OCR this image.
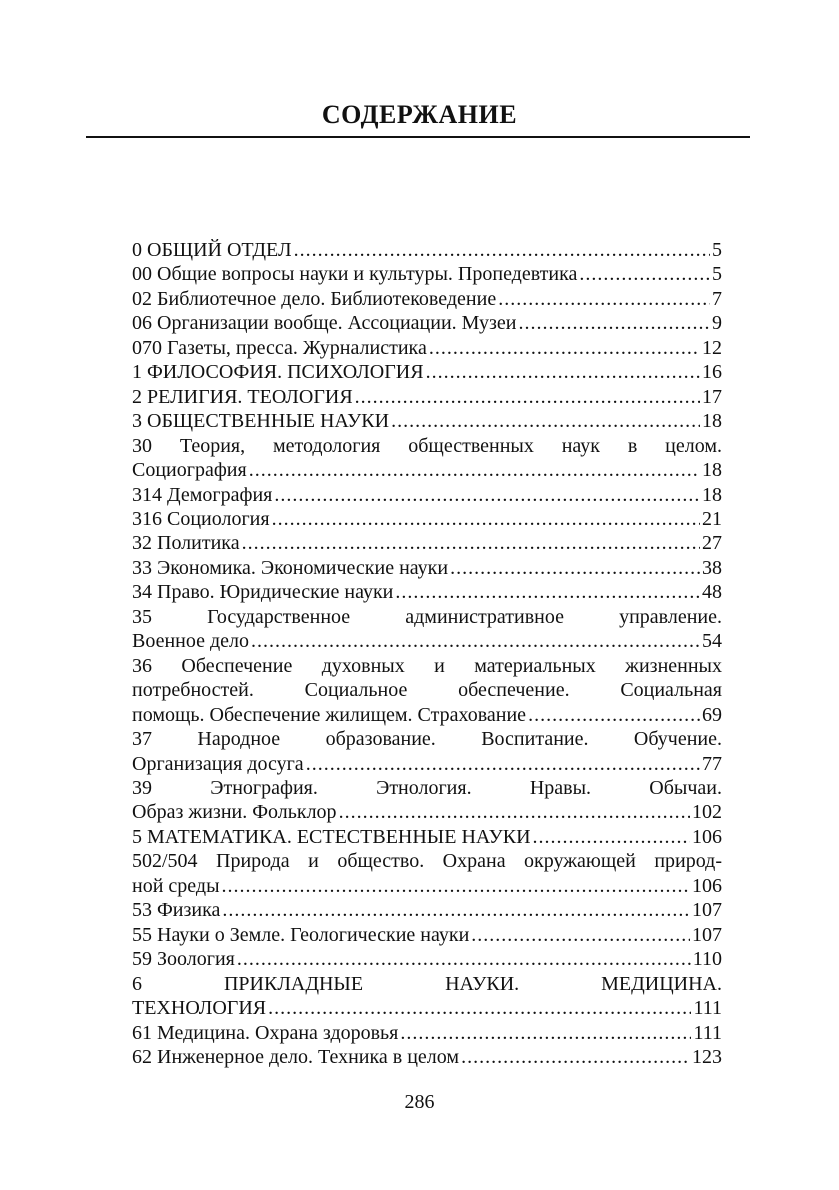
СОДЕРЖАНИЕ
0 ОБЩИЙ ОТДЕЛ .....	5
00 Общие вопросы науки и культуры. Пропедевтика .....	5
02 Библиотечное дело. Библиотековедение .....	7
06 Организации вообще. Ассоциации. Музеи .....	9
070 Газеты, пресса. Журналистика .....	12
1 ФИЛОСОФИЯ. ПСИХОЛОГИЯ .....	16
2 РЕЛИГИЯ. ТЕОЛОГИЯ .....	17
3 ОБЩЕСТВЕННЫЕ НАУКИ .....	18
30 Теория, методология общественных наук в целом.
Социография .....	18
314 Демография .....	18
316 Социология .....	21
32 Политика .....	27
33 Экономика. Экономические науки .....	38
34 Право. Юридические науки .....	48
35 Государственное административное управление.
Военное дело .....	54
36 Обеспечение духовных и материальных жизненных
потребностей. Социальное обеспечение. Социальная
помощь. Обеспечение жилищем. Страхование .....	69
37 Народное образование. Воспитание. Обучение.
Организация досуга .....	77
39 Этнография. Этнология. Нравы. Обычаи.
Образ жизни. Фольклор .....	102
5 МАТЕМАТИКА. ЕСТЕСТВЕННЫЕ НАУКИ .....	106
502/504 Природа и общество. Охрана окружающей природ-
ной среды .....	106
53 Физика .....	107
55 Науки о Земле. Геологические науки .....	107
59 Зоология .....	110
6 ПРИКЛАДНЫЕ НАУКИ. МЕДИЦИНА.
ТЕХНОЛОГИЯ .....	111
61 Медицина. Охрана здоровья .....	111
62 Инженерное дело. Техника в целом .....	123
286
